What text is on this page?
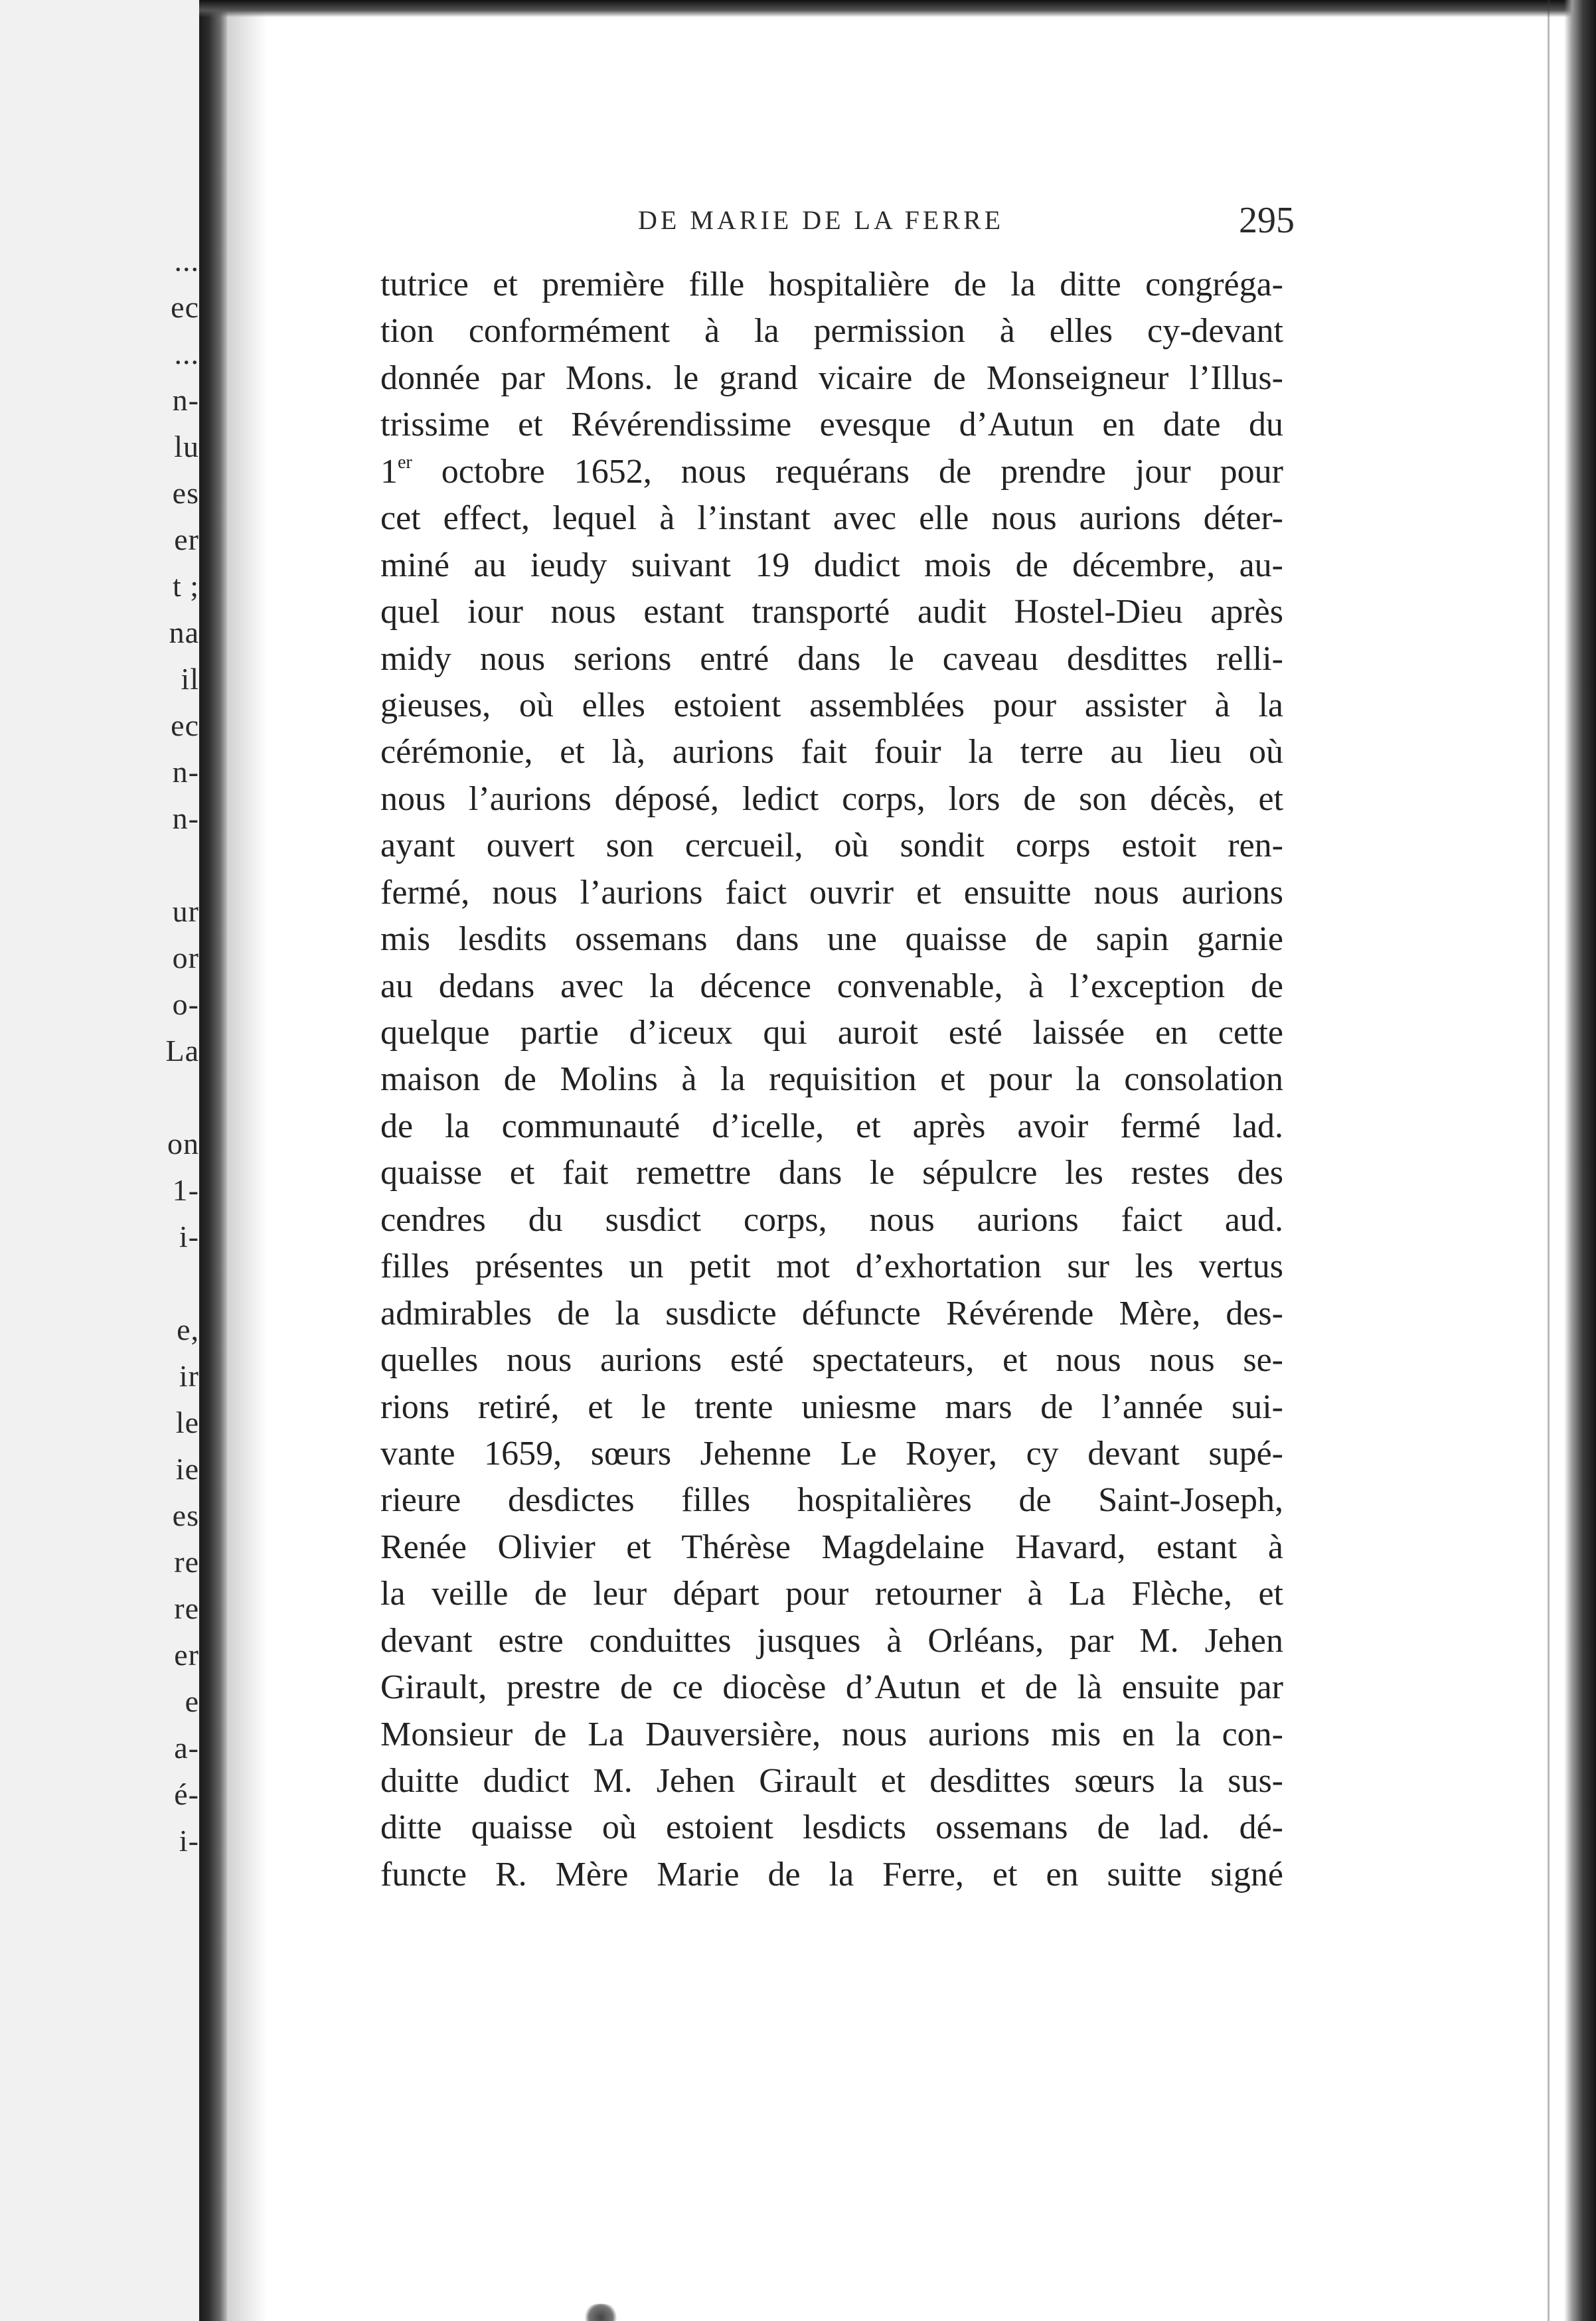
...
ec
...
n-
lu
es
er
t ;
na
il
ec
n-
n-
ur
or
o-
La
on
1-
i-
e,
ir
le
ie
es
re
re
er
e
a-
é-
i-
DE MARIE DE LA FERRE	295
tutrice et première fille hospitalière de la ditte congréga-
tion conformément à la permission à elles cy-devant
donnée par Mons. le grand vicaire de Monseigneur l’Illus-
trissime et Révérendissime evesque d’Autun en date du
1er octobre 1652, nous requérans de prendre jour pour
cet effect, lequel à l’instant avec elle nous aurions déter-
miné au ieudy suivant 19 dudict mois de décembre, au-
quel iour nous estant transporté audit Hostel-Dieu après
midy nous serions entré dans le caveau desdittes relli-
gieuses, où elles estoient assemblées pour assister à la
cérémonie, et là, aurions fait fouir la terre au lieu où
nous l’aurions déposé, ledict corps, lors de son décès, et
ayant ouvert son cercueil, où sondit corps estoit ren-
fermé, nous l’aurions faict ouvrir et ensuitte nous aurions
mis lesdits ossemans dans une quaisse de sapin garnie
au dedans avec la décence convenable, à l’exception de
quelque partie d’iceux qui auroit esté laissée en cette
maison de Molins à la requisition et pour la consolation
de la communauté d’icelle, et après avoir fermé lad.
quaisse et fait remettre dans le sépulcre les restes des
cendres du susdict corps, nous aurions faict aud.
filles présentes un petit mot d’exhortation sur les vertus
admirables de la susdicte défuncte Révérende Mère, des-
quelles nous aurions esté spectateurs, et nous nous se-
rions retiré, et le trente uniesme mars de l’année sui-
vante 1659, sœurs Jehenne Le Royer, cy devant supé-
rieure desdictes filles hospitalières de Saint-Joseph,
Renée Olivier et Thérèse Magdelaine Havard, estant à
la veille de leur départ pour retourner à La Flèche, et
devant estre conduittes jusques à Orléans, par M. Jehen
Girault, prestre de ce diocèse d’Autun et de là ensuite par
Monsieur de La Dauversière, nous aurions mis en la con-
duitte dudict M. Jehen Girault et desdittes sœurs la sus-
ditte quaisse où estoient lesdicts ossemans de lad. dé-
functe R. Mère Marie de la Ferre, et en suitte signé
